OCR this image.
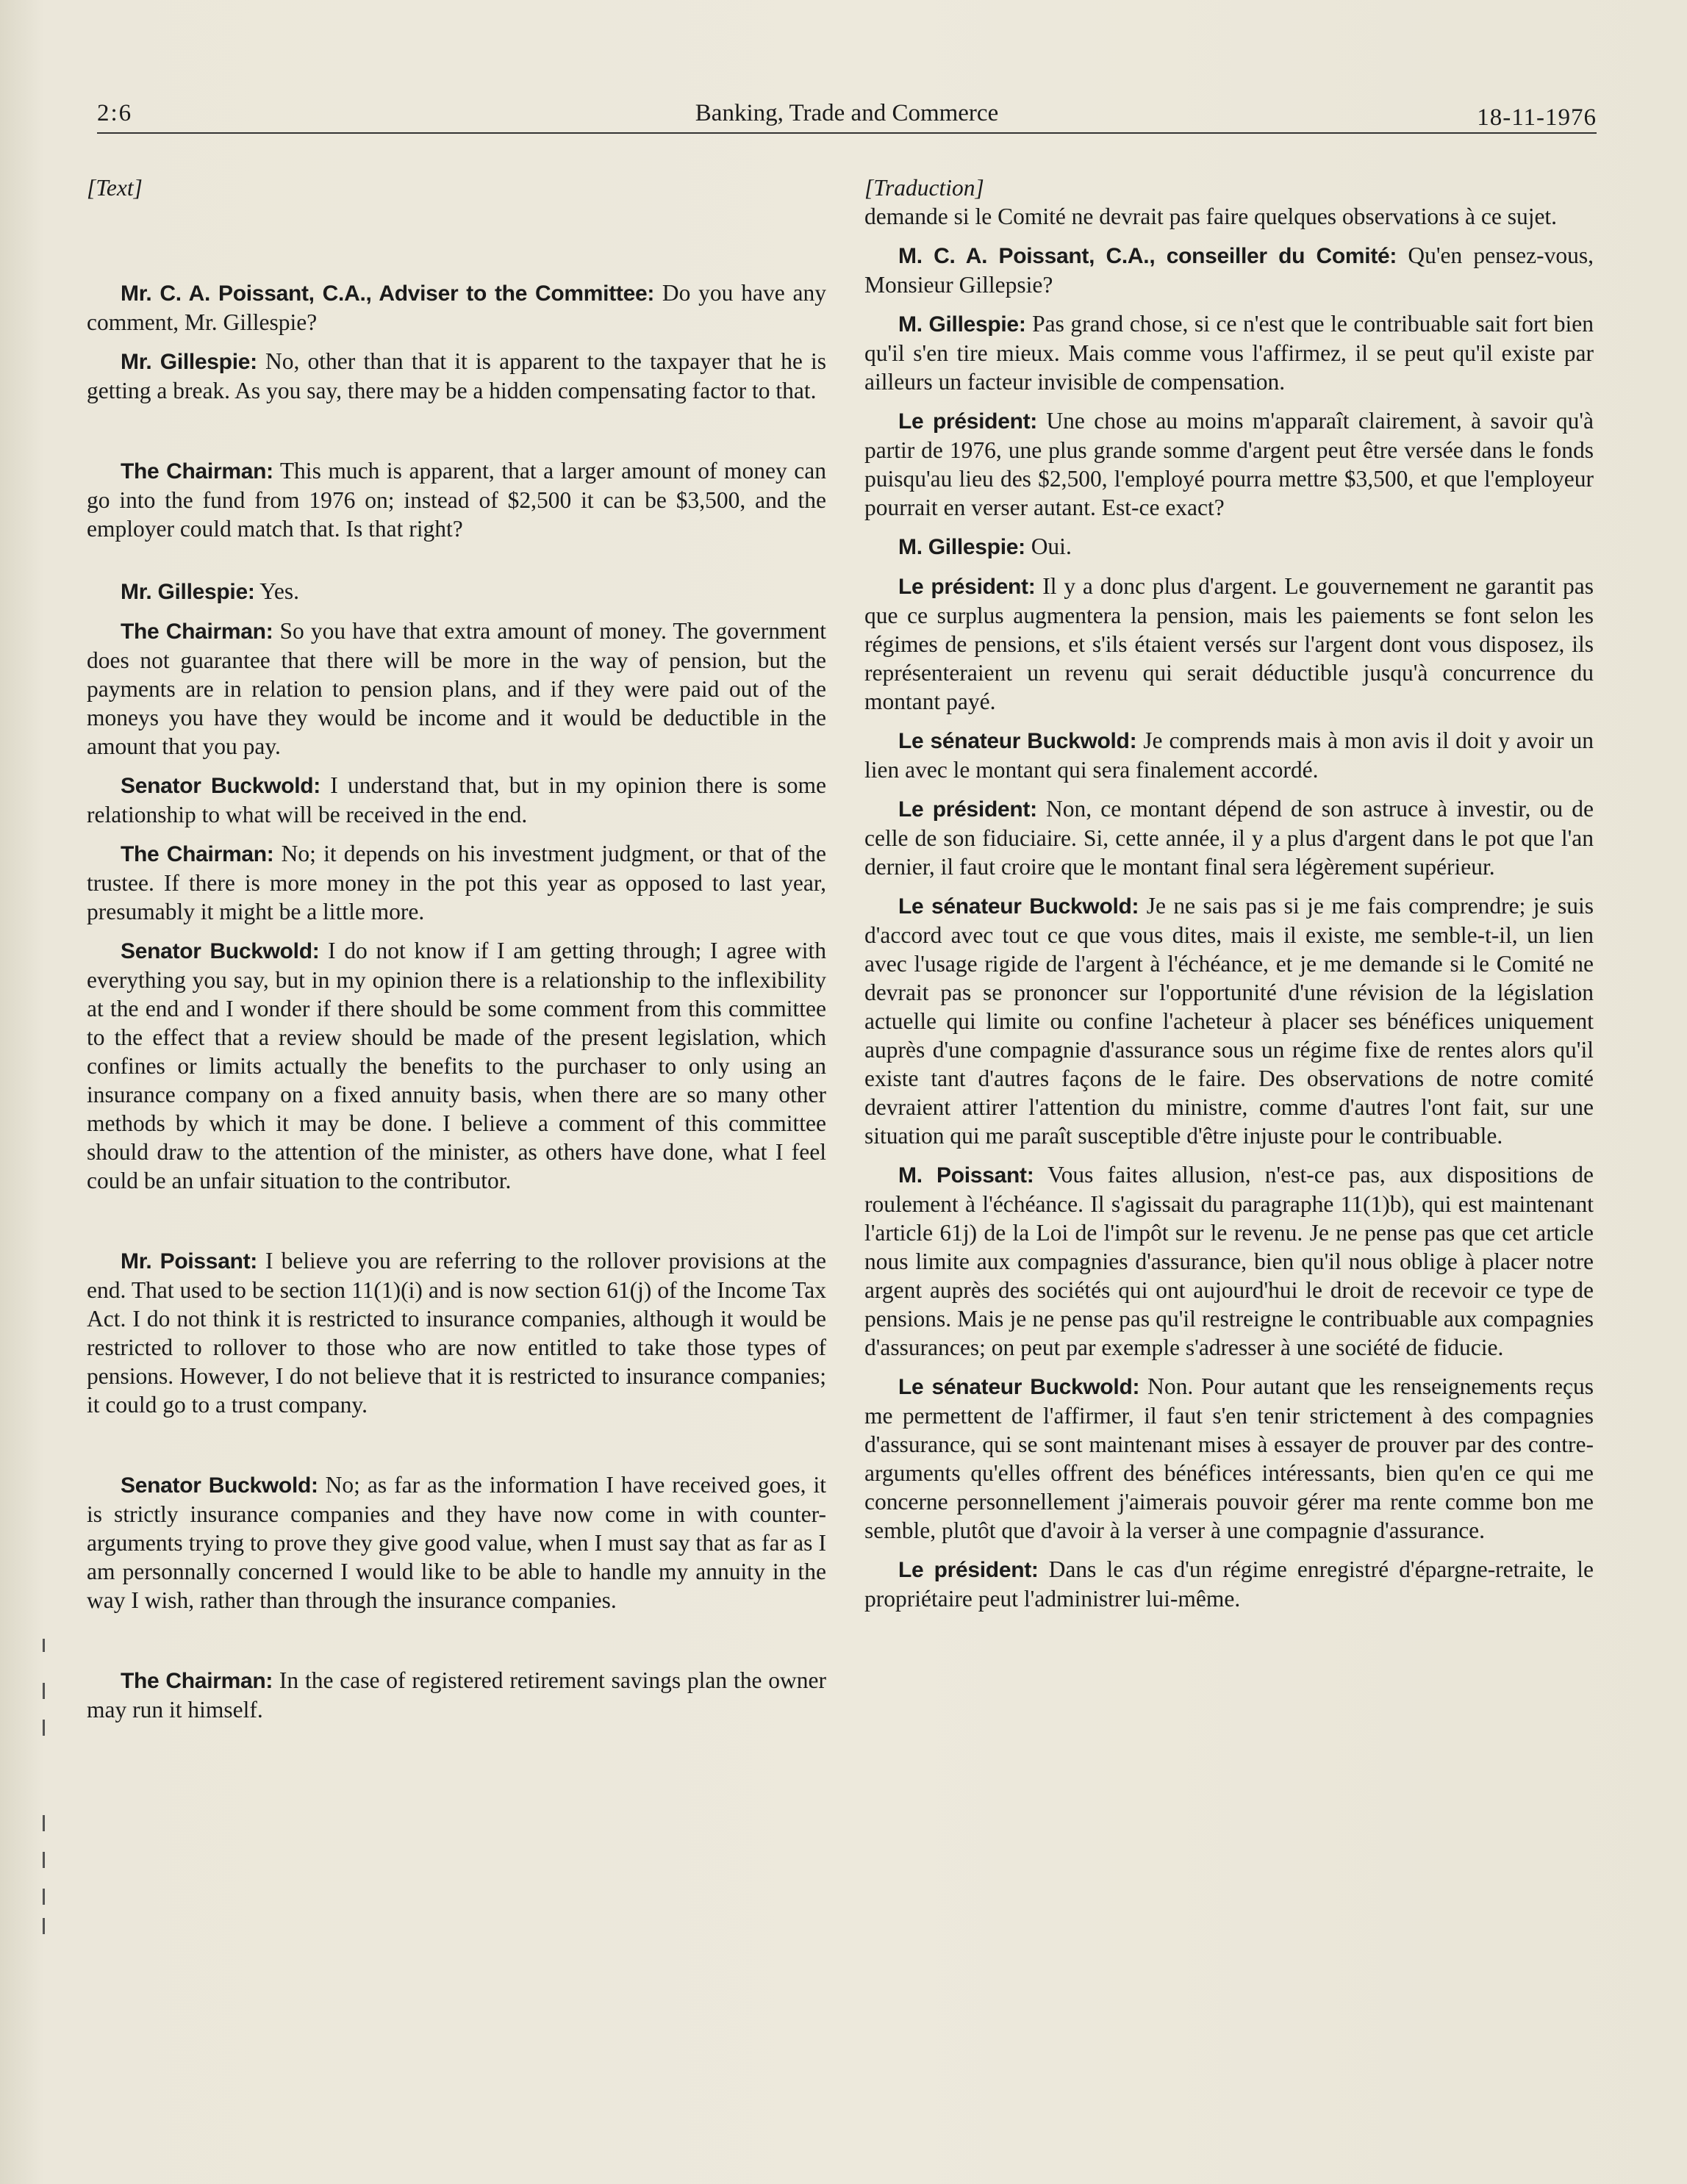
2:6	Banking, Trade and Commerce	18-11-1976
[Text]

Mr. C. A. Poissant, C.A., Adviser to the Committee: Do you have any comment, Mr. Gillespie?

Mr. Gillespie: No, other than that it is apparent to the taxpayer that he is getting a break. As you say, there may be a hidden compensating factor to that.

The Chairman: This much is apparent, that a larger amount of money can go into the fund from 1976 on; instead of $2,500 it can be $3,500, and the employer could match that. Is that right?

Mr. Gillespie: Yes.

The Chairman: So you have that extra amount of money. The government does not guarantee that there will be more in the way of pension, but the payments are in relation to pension plans, and if they were paid out of the moneys you have they would be income and it would be deductible in the amount that you pay.

Senator Buckwold: I understand that, but in my opinion there is some relationship to what will be received in the end.

The Chairman: No; it depends on his investment judgment, or that of the trustee. If there is more money in the pot this year as opposed to last year, presumably it might be a little more.

Senator Buckwold: I do not know if I am getting through; I agree with everything you say, but in my opinion there is a relationship to the inflexibility at the end and I wonder if there should be some comment from this committee to the effect that a review should be made of the present legislation, which confines or limits actually the benefits to the purchaser to only using an insurance company on a fixed annuity basis, when there are so many other methods by which it may be done. I believe a comment of this committee should draw to the attention of the minister, as others have done, what I feel could be an unfair situation to the contributor.

Mr. Poissant: I believe you are referring to the rollover provisions at the end. That used to be section 11(1)(i) and is now section 61(j) of the Income Tax Act. I do not think it is restricted to insurance companies, although it would be restricted to rollover to those who are now entitled to take those types of pensions. However, I do not believe that it is restricted to insurance companies; it could go to a trust company.

Senator Buckwold: No; as far as the information I have received goes, it is strictly insurance companies and they have now come in with counter-arguments trying to prove they give good value, when I must say that as far as I am personnally concerned I would like to be able to handle my annuity in the way I wish, rather than through the insurance companies.

The Chairman: In the case of registered retirement savings plan the owner may run it himself.

[Traduction]

demande si le Comité ne devrait pas faire quelques observations à ce sujet.

M. C. A. Poissant, C.A., conseiller du Comité: Qu'en pensez-vous, Monsieur Gillepsie?

M. Gillespie: Pas grand chose, si ce n'est que le contribuable sait fort bien qu'il s'en tire mieux. Mais comme vous l'affirmez, il se peut qu'il existe par ailleurs un facteur invisible de compensation.

Le président: Une chose au moins m'apparaît clairement, à savoir qu'à partir de 1976, une plus grande somme d'argent peut être versée dans le fonds puisqu'au lieu des $2,500, l'employé pourra mettre $3,500, et que l'employeur pourrait en verser autant. Est-ce exact?

M. Gillespie: Oui.

Le président: Il y a donc plus d'argent. Le gouvernement ne garantit pas que ce surplus augmentera la pension, mais les paiements se font selon les régimes de pensions, et s'ils étaient versés sur l'argent dont vous disposez, ils représenteraient un revenu qui serait déductible jusqu'à concurrence du montant payé.

Le sénateur Buckwold: Je comprends mais à mon avis il doit y avoir un lien avec le montant qui sera finalement accordé.

Le président: Non, ce montant dépend de son astruce à investir, ou de celle de son fiduciaire. Si, cette année, il y a plus d'argent dans le pot que l'an dernier, il faut croire que le montant final sera légèrement supérieur.

Le sénateur Buckwold: Je ne sais pas si je me fais comprendre; je suis d'accord avec tout ce que vous dites, mais il existe, me semble-t-il, un lien avec l'usage rigide de l'argent à l'échéance, et je me demande si le Comité ne devrait pas se prononcer sur l'opportunité d'une révision de la législation actuelle qui limite ou confine l'acheteur à placer ses bénéfices uniquement auprès d'une compagnie d'assurance sous un régime fixe de rentes alors qu'il existe tant d'autres façons de le faire. Des observations de notre comité devraient attirer l'attention du ministre, comme d'autres l'ont fait, sur une situation qui me paraît susceptible d'être injuste pour le contribuable.

M. Poissant: Vous faites allusion, n'est-ce pas, aux dispositions de roulement à l'échéance. Il s'agissait du paragraphe 11(1)b), qui est maintenant l'article 61j) de la Loi de l'impôt sur le revenu. Je ne pense pas que cet article nous limite aux compagnies d'assurance, bien qu'il nous oblige à placer notre argent auprès des sociétés qui ont aujourd'hui le droit de recevoir ce type de pensions. Mais je ne pense pas qu'il restreigne le contribuable aux compagnies d'assurances; on peut par exemple s'adresser à une société de fiducie.

Le sénateur Buckwold: Non. Pour autant que les renseignements reçus me permettent de l'affirmer, il faut s'en tenir strictement à des compagnies d'assurance, qui se sont maintenant mises à essayer de prouver par des contre-arguments qu'elles offrent des bénéfices intéressants, bien qu'en ce qui me concerne personnellement j'aimerais pouvoir gérer ma rente comme bon me semble, plutôt que d'avoir à la verser à une compagnie d'assurance.

Le président: Dans le cas d'un régime enregistré d'épargne-retraite, le propriétaire peut l'administrer lui-même.
